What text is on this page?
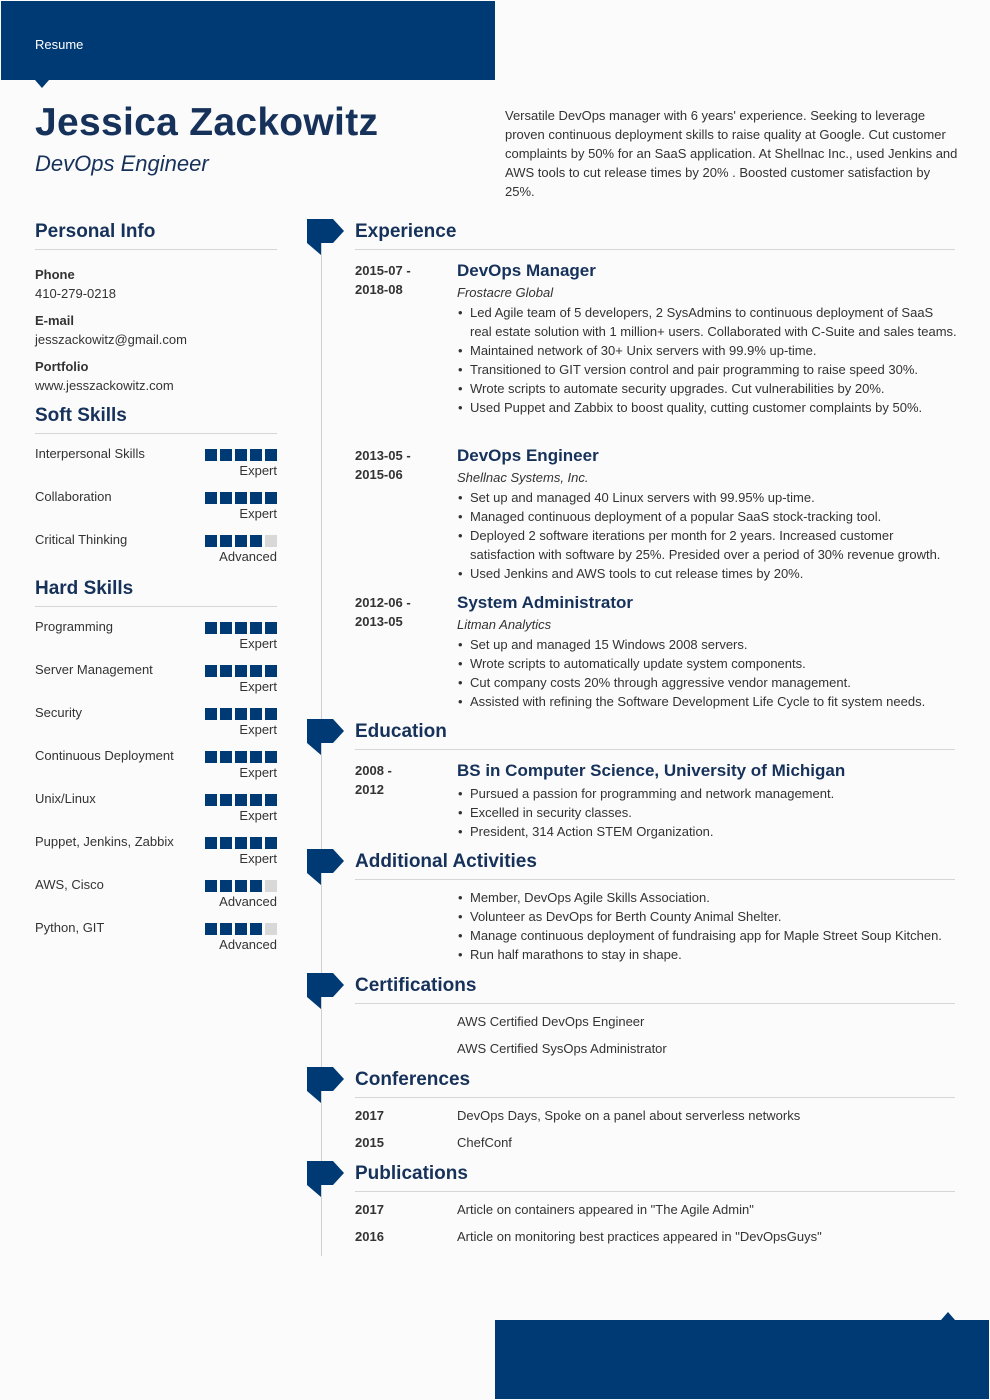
Resume
Jessica Zackowitz
DevOps Engineer
Versatile DevOps manager with 6 years' experience. Seeking to leverage proven continuous deployment skills to raise quality at Google. Cut customer complaints by 50% for an SaaS application. At Shellnac Inc., used Jenkins and AWS tools to cut release times by 20% . Boosted customer satisfaction by 25%.
Personal Info
Phone
410-279-0218
E-mail
jesszackowitz@gmail.com
Portfolio
www.jesszackowitz.com
Soft Skills
Interpersonal Skills
Expert
Collaboration
Expert
Critical Thinking
Advanced
Hard Skills
Programming
Expert
Server Management
Expert
Security
Expert
Continuous Deployment
Expert
Unix/Linux
Expert
Puppet, Jenkins, Zabbix
Expert
AWS, Cisco
Advanced
Python, GIT
Advanced
Experience
2015-07 -
2018-08
DevOps Manager
Frostacre Global
• Led Agile team of 5 developers, 2 SysAdmins to continuous deployment of SaaS real estate solution with 1 million+ users. Collaborated with C-Suite and sales teams.
• Maintained network of 30+ Unix servers with 99.9% up-time.
• Transitioned to GIT version control and pair programming to raise speed 30%.
• Wrote scripts to automate security upgrades. Cut vulnerabilities by 20%.
• Used Puppet and Zabbix to boost quality, cutting customer complaints by 50%.
2013-05 -
2015-06
DevOps Engineer
Shellnac Systems, Inc.
• Set up and managed 40 Linux servers with 99.95% up-time.
• Managed continuous deployment of a popular SaaS stock-tracking tool.
• Deployed 2 software iterations per month for 2 years. Increased customer satisfaction with software by 25%. Presided over a period of 30% revenue growth.
• Used Jenkins and AWS tools to cut release times by 20%.
2012-06 -
2013-05
System Administrator
Litman Analytics
• Set up and managed 15 Windows 2008 servers.
• Wrote scripts to automatically update system components.
• Cut company costs 20% through aggressive vendor management.
• Assisted with refining the Software Development Life Cycle to fit system needs.
Education
2008 -
2012
BS in Computer Science, University of Michigan
• Pursued a passion for programming and network management.
• Excelled in security classes.
• President, 314 Action STEM Organization.
Additional Activities
• Member, DevOps Agile Skills Association.
• Volunteer as DevOps for Berth County Animal Shelter.
• Manage continuous deployment of fundraising app for Maple Street Soup Kitchen.
• Run half marathons to stay in shape.
Certifications
AWS Certified DevOps Engineer
AWS Certified SysOps Administrator
Conferences
2017	DevOps Days, Spoke on a panel about serverless networks
2015	ChefConf
Publications
2017	Article on containers appeared in "The Agile Admin"
2016	Article on monitoring best practices appeared in "DevOpsGuys"
